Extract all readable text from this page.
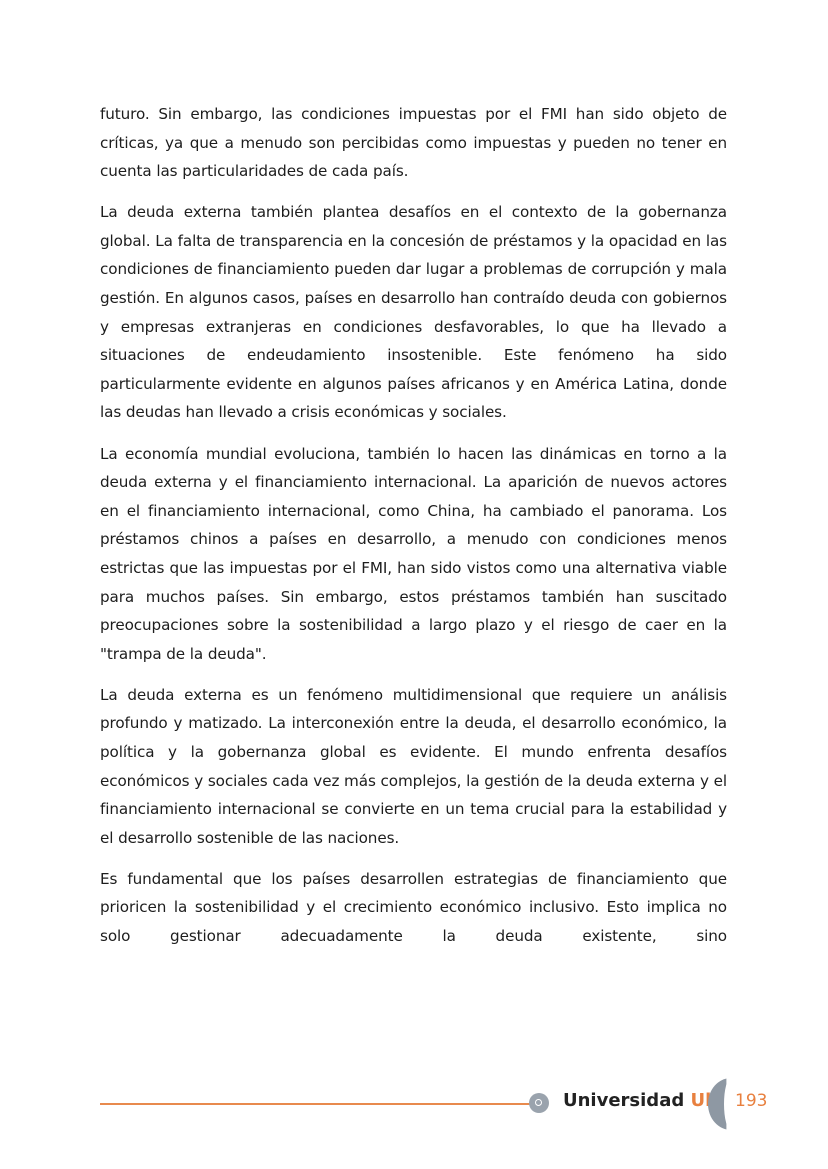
futuro. Sin embargo, las condiciones impuestas por el FMI han sido objeto de críticas, ya que a menudo son percibidas como impuestas y pueden no tener en cuenta las particularidades de cada país.

La deuda externa también plantea desafíos en el contexto de la gobernanza global. La falta de transparencia en la concesión de préstamos y la opacidad en las condiciones de financiamiento pueden dar lugar a problemas de corrupción y mala gestión. En algunos casos, países en desarrollo han contraído deuda con gobiernos y empresas extranjeras en condiciones desfavorables, lo que ha llevado a situaciones de endeudamiento insostenible. Este fenómeno ha sido particularmente evidente en algunos países africanos y en América Latina, donde las deudas han llevado a crisis económicas y sociales.

La economía mundial evoluciona, también lo hacen las dinámicas en torno a la deuda externa y el financiamiento internacional. La aparición de nuevos actores en el financiamiento internacional, como China, ha cambiado el panorama. Los préstamos chinos a países en desarrollo, a menudo con condiciones menos estrictas que las impuestas por el FMI, han sido vistos como una alternativa viable para muchos países. Sin embargo, estos préstamos también han suscitado preocupaciones sobre la sostenibilidad a largo plazo y el riesgo de caer en la "trampa de la deuda".

La deuda externa es un fenómeno multidimensional que requiere un análisis profundo y matizado. La interconexión entre la deuda, el desarrollo económico, la política y la gobernanza global es evidente. El mundo enfrenta desafíos económicos y sociales cada vez más complejos, la gestión de la deuda externa y el financiamiento internacional se convierte en un tema crucial para la estabilidad y el desarrollo sostenible de las naciones.

Es fundamental que los países desarrollen estrategias de financiamiento que prioricen la sostenibilidad y el crecimiento económico inclusivo. Esto implica no solo gestionar adecuadamente la deuda existente, sino

Universidad Uk 193
